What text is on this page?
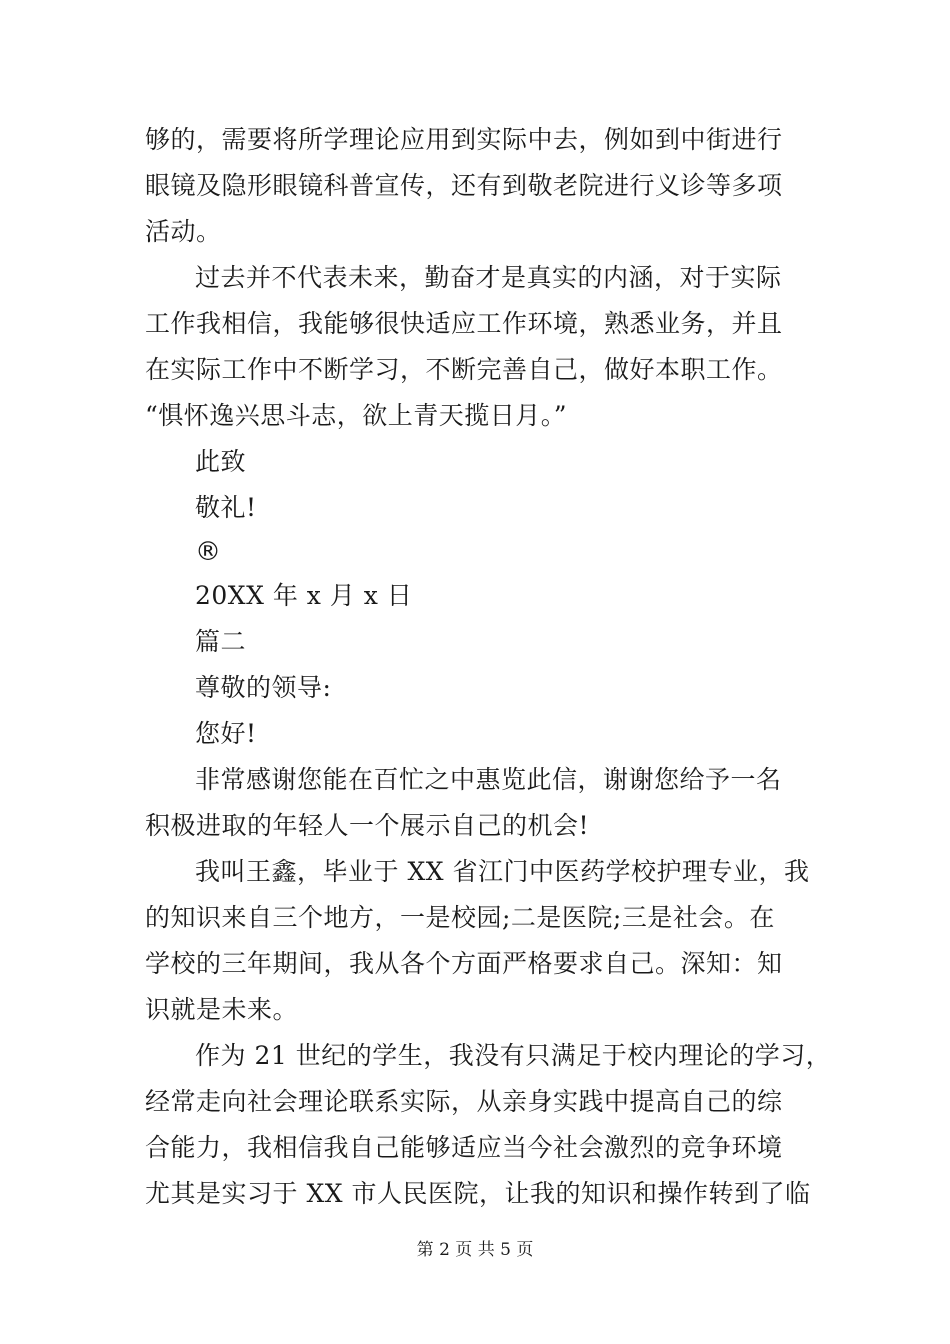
够的，需要将所学理论应用到实际中去，例如到中街进行
眼镜及隐形眼镜科普宣传，还有到敬老院进行义诊等多项
活动。
过去并不代表未来，勤奋才是真实的内涵，对于实际
工作我相信，我能够很快适应工作环境，熟悉业务，并且
在实际工作中不断学习，不断完善自己，做好本职工作。
“惧怀逸兴思斗志，欲上青天揽日月。”
此致
敬礼!
®
20XX 年 x 月 x 日
篇二
尊敬的领导:
您好!
非常感谢您能在百忙之中惠览此信，谢谢您给予一名
积极进取的年轻人一个展示自己的机会!
我叫王鑫，毕业于 XX 省江门中医药学校护理专业，我
的知识来自三个地方，一是校园;二是医院;三是社会。在
学校的三年期间，我从各个方面严格要求自己。深知：知
识就是未来。
作为 21 世纪的学生，我没有只满足于校内理论的学习，
经常走向社会理论联系实际，从亲身实践中提高自己的综
合能力，我相信我自己能够适应当今社会激烈的竞争环境
尤其是实习于 XX 市人民医院，让我的知识和操作转到了临
第 2 页 共 5 页
